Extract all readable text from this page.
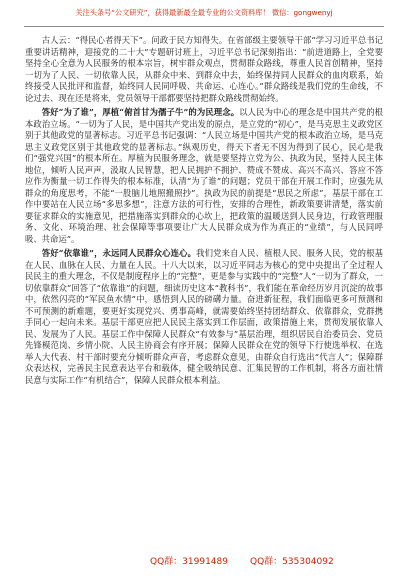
关注头条号“公文研究”，获得最新最全最专业的公文资料库！ 微信：gongwenyj

古人云：“得民心者得天下”。问政于民方知得失。在省部级主要领导干部“学习习近平总书记重要讲话精神，迎接党的二十大”专题研讨班上，习近平总书记深刻指出：“前进道路上，全党要坚持全心全意为人民服务的根本宗旨，树牢群众观点，贯彻群众路线，尊重人民首创精神，坚持一切为了人民、一切依靠人民，从群众中来、到群众中去，始终保持同人民群众的血肉联系，始终接受人民批评和监督，始终同人民同呼吸、共命运、心连心。”群众路线是我们党的生命线，不论过去、现在还是将来，党员领导干部都要坚持把群众路线贯彻始终。

答好“为了谁”，厚植“俯首甘为孺子牛”的为民理念。以人民为中心的理念是中国共产党的根本政治立场。“一切为了人民，是中国共产党出发的原点，是立党的“初心”，是马克思主义政党区别于其他政党的显著标志。习近平总书记强调：“人民立场是中国共产党的根本政治立场，是马克思主义政党区别于其他政党的显著标志。”纵观历史，得天下者无不因为得到了民心，民心是我们“强党兴国”的根本所在。厚植为民服务理念，就是要坚持立党为公、执政为民，坚持人民主体地位，倾听人民声声，汲取人民智慧，把人民拥护不拥护、赞成不赞成、高兴不高兴、答应不答应作为衡量一切工作得失的根本标准，认清“为了谁”的问题；党员干部在开展工作时，应强先从群众的角度思考，不能“一股脑儿地照搬照抄”。执政为民的前提是“思民之所虑”，基层干部在工作中要站在人民立场“多思多想”，注意方法的可行性，安排的合理性，新政策要讲清楚，落实前要征求群众的实施意见，把措施落实到群众的心坎上，把政策的温暖送到人民身边，行政管理服务、文化、环境治理、社会保障等事项要让广大人民群众成为作为真正的“业绩”，与人民同呼吸、共命运”。

答好“依靠谁”，永远同人民群众心连心。我们党来自人民、植根人民、服务人民，党的根基在人民、血脉在人民、力量在人民。十八大以来，以习近平同志为核心的党中央提出了全过程人民民主的重大理念，不仅是制度程序上的“完整”，更是参与实践中的“完整”人“一切为了群众，一切依靠群众”回答了“依靠谁”的问题，细读历史这本“教科书”，我们能在革命经历岁月沉淀的故事中，依然闪亮的“军民鱼水情”中，感悟到人民的磅礴力量。奋进新征程，我们面临更多可预测和不可预测的新难题，要更好实现党兴、勇事高峰，就需要始终坚持团结群众、依靠群众，党群携手同心一起向未来。基层干部更应把人民民主落实到工作层面，政策措施上来，贯彻发展依靠人民、发展为了人民。基层工作中保障人民群众“有效参与”基层治理，组织居民自治委员会、党员先锋模范岗、乡情小院、人民主协商会有序开展；保障人民群众在党的领导下行使选举权、在选举人大代表、村干部时要充分倾听群众声音，考虑群众意见，由群众自行选出“代言人”；保障群众表达权，完善民主民意表达平台和载体，健全吸纳民意、汇集民智的工作机制，将各方面社情民意与实际工作“有机结合”，保障人民群众根本利益。

QQ群：31991489 QQ群：535304092
